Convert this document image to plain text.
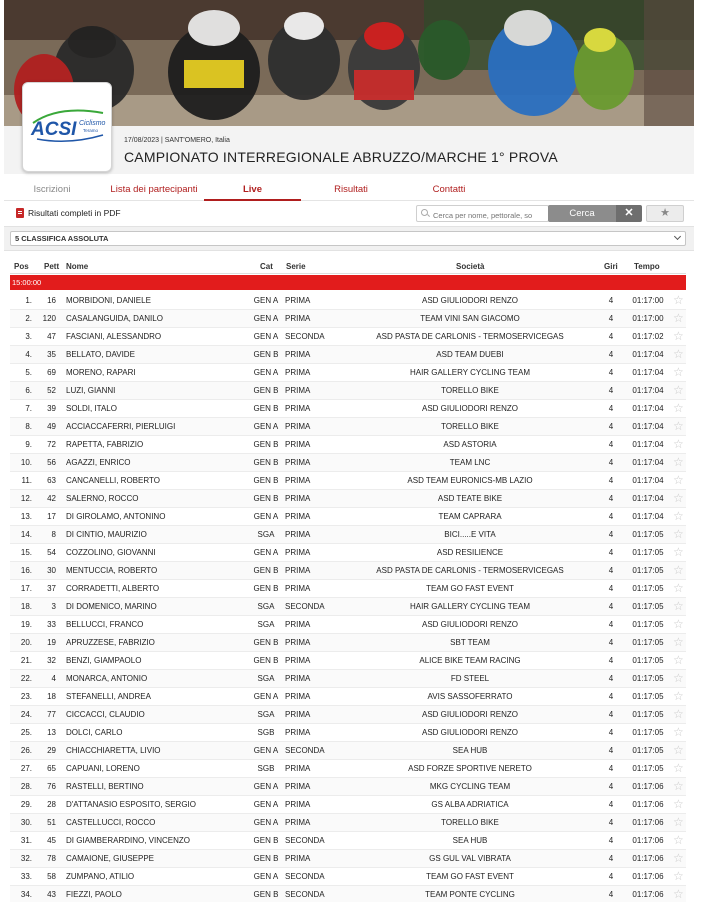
ACSI Ciclismo
Teramo
17/08/2023 | SANT'OMERO, Italia
CAMPIONATO INTERREGIONALE ABRUZZO/MARCHE 1° PROVA
Iscrizioni	Lista dei partecipanti	Live	Risultati	Contatti
Risultati completi in PDF
Cerca per nome, pettorale, so	Cerca	✕	★
5 CLASSIFICA ASSOLUTA
Pos Pett Nome	Cat Serie	Società	Giri Tempo
15:00:00
1.	16 MORBIDONI, DANIELE	GEN A PRIMA	ASD GIULIODORI RENZO	4	01:17:00 ☆
2.	120 CASALANGUIDA, DANILO	GEN A PRIMA	TEAM VINI SAN GIACOMO	4	01:17:00 ☆
3.	47 FASCIANI, ALESSANDRO	GEN A SECONDA	ASD PASTA DE CARLONIS - TERMOSERVICEGAS	4	01:17:02 ☆
4.	35 BELLATO, DAVIDE	GEN B PRIMA	ASD TEAM DUEBI	4	01:17:04 ☆
5.	69 MORENO, RAPARI	GEN A PRIMA	HAIR GALLERY CYCLING TEAM	4	01:17:04 ☆
6.	52 LUZI, GIANNI	GEN B PRIMA	TORELLO BIKE	4	01:17:04 ☆
7.	39 SOLDI, ITALO	GEN B PRIMA	ASD GIULIODORI RENZO	4	01:17:04 ☆
8.	49 ACCIACCAFERRI, PIERLUIGI	GEN A PRIMA	TORELLO BIKE	4	01:17:04 ☆
9.	72 RAPETTA, FABRIZIO	GEN B PRIMA	ASD ASTORIA	4	01:17:04 ☆
10.	56 AGAZZI, ENRICO	GEN B PRIMA	TEAM LNC	4	01:17:04 ☆
11.	63 CANCANELLI, ROBERTO	GEN B PRIMA	ASD TEAM EURONICS-MB LAZIO	4	01:17:04 ☆
12.	42 SALERNO, ROCCO	GEN B PRIMA	ASD TEATE BIKE	4	01:17:04 ☆
13.	17 DI GIROLAMO, ANTONINO	GEN A PRIMA	TEAM CAPRARA	4	01:17:04 ☆
14.	8 DI CINTIO, MAURIZIO	SGA	PRIMA	BICI.....E VITA	4	01:17:05 ☆
15.	54 COZZOLINO, GIOVANNI	GEN A PRIMA	ASD RESILIENCE	4	01:17:05 ☆
16.	30 MENTUCCIA, ROBERTO	GEN B PRIMA	ASD PASTA DE CARLONIS - TERMOSERVICEGAS	4	01:17:05 ☆
17.	37 CORRADETTI, ALBERTO	GEN B PRIMA	TEAM GO FAST EVENT	4	01:17:05 ☆
18.	3 DI DOMENICO, MARINO	SGA	SECONDA	HAIR GALLERY CYCLING TEAM	4	01:17:05 ☆
19.	33 BELLUCCI, FRANCO	SGA	PRIMA	ASD GIULIODORI RENZO	4	01:17:05 ☆
20.	19 APRUZZESE, FABRIZIO	GEN B PRIMA	SBT TEAM	4	01:17:05 ☆
21.	32 BENZI, GIAMPAOLO	GEN B PRIMA	ALICE BIKE TEAM RACING	4	01:17:05 ☆
22.	4 MONARCA, ANTONIO	SGA	PRIMA	FD STEEL	4	01:17:05 ☆
23.	18 STEFANELLI, ANDREA	GEN A PRIMA	AVIS SASSOFERRATO	4	01:17:05 ☆
24.	77 CICCACCI, CLAUDIO	SGA	PRIMA	ASD GIULIODORI RENZO	4	01:17:05 ☆
25.	13 DOLCI, CARLO	SGB	PRIMA	ASD GIULIODORI RENZO	4	01:17:05 ☆
26.	29 CHIACCHIARETTA, LIVIO	GEN A SECONDA	SEA HUB	4	01:17:05 ☆
27.	65 CAPUANI, LORENO	SGB	PRIMA	ASD FORZE SPORTIVE NERETO	4	01:17:05 ☆
28.	76 RASTELLI, BERTINO	GEN A PRIMA	MKG CYCLING TEAM	4	01:17:06 ☆
29.	28 D'ATTANASIO ESPOSITO, SERGIO	GEN A PRIMA	GS ALBA ADRIATICA	4	01:17:06 ☆
30.	51 CASTELLUCCI, ROCCO	GEN A PRIMA	TORELLO BIKE	4	01:17:06 ☆
31.	45 DI GIAMBERARDINO, VINCENZO	GEN B SECONDA	SEA HUB	4	01:17:06 ☆
32.	78 CAMAIONE, GIUSEPPE	GEN B PRIMA	GS GUL VAL VIBRATA	4	01:17:06 ☆
33.	58 ZUMPANO, ATILIO	GEN A SECONDA	TEAM GO FAST EVENT	4	01:17:06 ☆
34.	43 FIEZZI, PAOLO	GEN B SECONDA	TEAM PONTE CYCLING	4	01:17:06 ☆
